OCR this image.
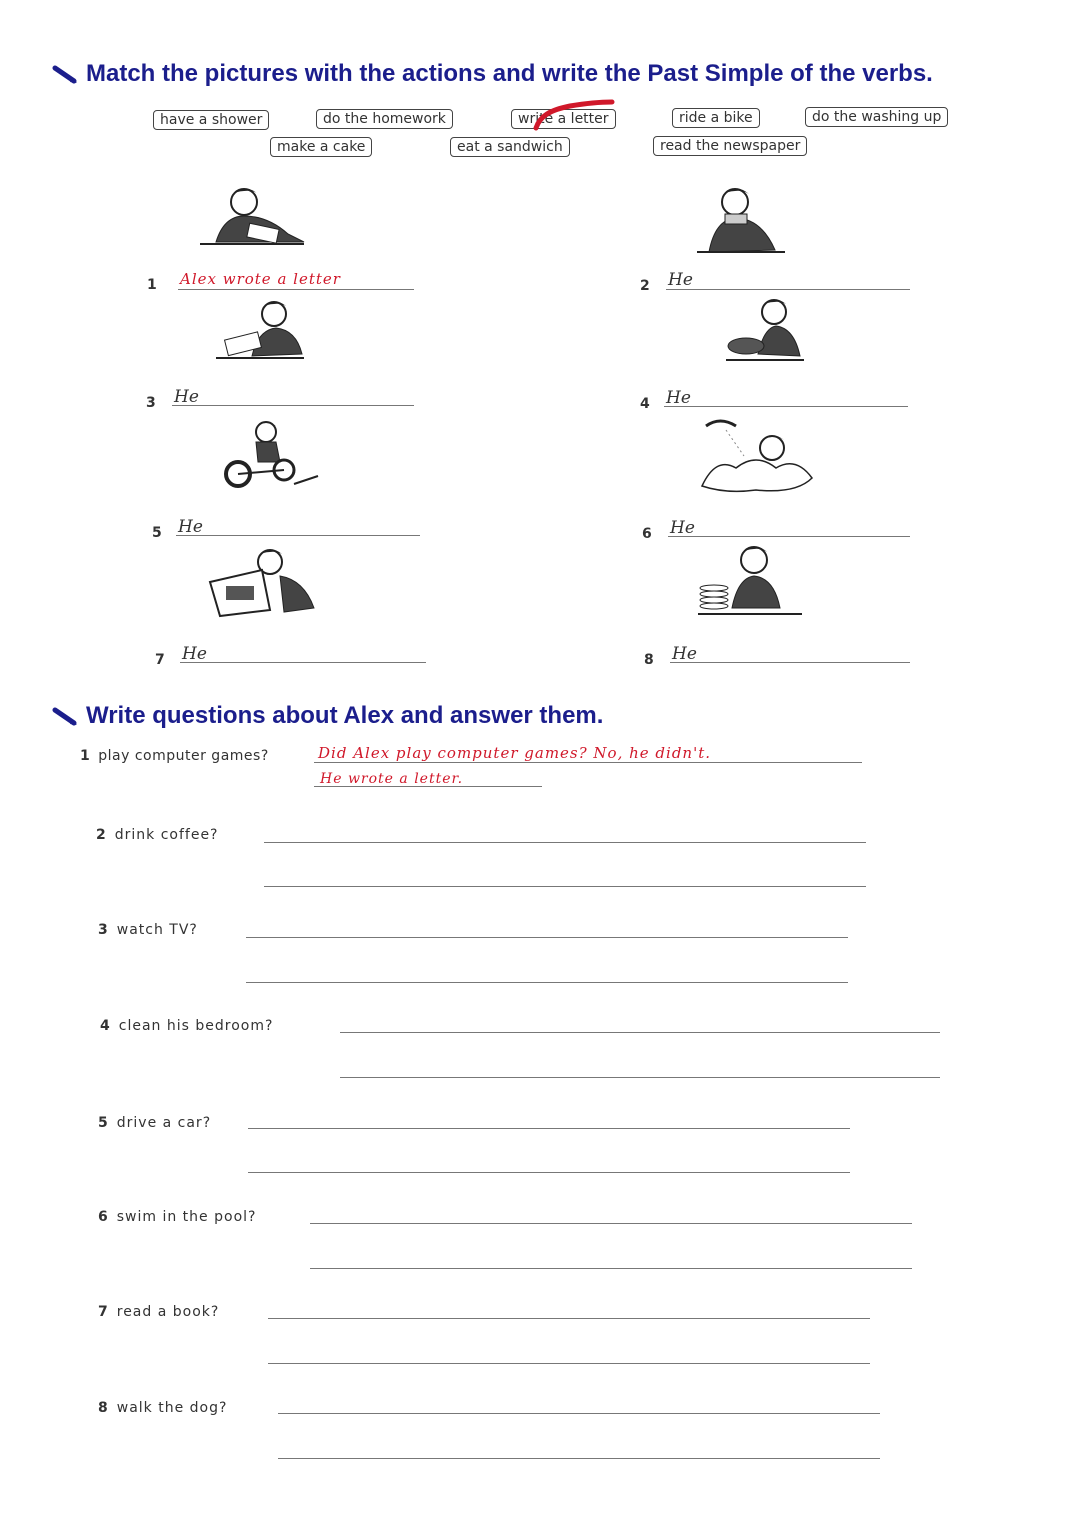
Match the pictures with the actions and write the Past Simple of the verbs.
have a shower	do the homework	write a letter	ride a bike	do the washing up
make a cake	eat a sandwich	read the newspaper
1 Alex wrote a letter	2 He
3 He	4 He
5 He	6 He
7 He	8 He
Write questions about Alex and answer them.
1 play computer games?	Did Alex play computer games? No, he didn't.
He wrote a letter.
2 drink coffee?
3 watch TV?
4 clean his bedroom?
5 drive a car?
6 swim in the pool?
7 read a book?
8 walk the dog?
